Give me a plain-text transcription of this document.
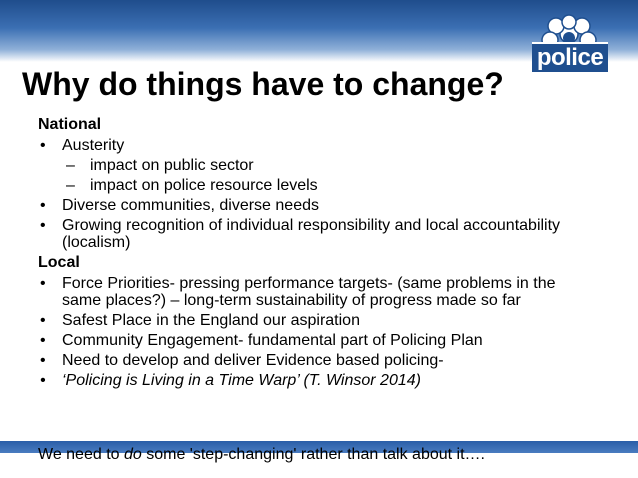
police
Why do things have to change?
National
• Austerity
– impact on public sector
– impact on police resource levels
• Diverse communities, diverse needs
• Growing recognition of individual responsibility and local accountability (localism)
Local
• Force Priorities- pressing performance targets- (same problems in the same places?) – long-term sustainability of progress made so far
• Safest Place in the England our aspiration
• Community Engagement- fundamental part of Policing Plan
• Need to develop and deliver Evidence based policing-
• ‘Policing is Living in a Time Warp’ (T. Winsor 2014)
We need to do some 'step-changing' rather than talk about it….
